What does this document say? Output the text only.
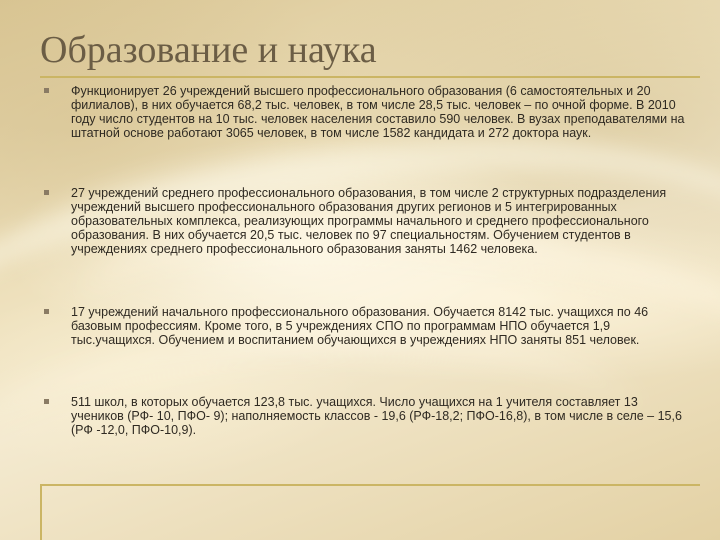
Образование и наука
Функционирует 26 учреждений высшего профессионального образования (6 самостоятельных и 20 филиалов), в них обучается 68,2 тыс. человек, в том числе 28,5 тыс. человек – по очной форме. В 2010 году число студентов на 10 тыс. человек населения составило 590 человек. В вузах преподавателями на штатной основе работают 3065 человек, в том числе 1582 кандидата и 272 доктора наук.
27 учреждений среднего профессионального образования, в том числе 2 структурных подразделения учреждений высшего профессионального образования других регионов и 5 интегрированных образовательных комплекса, реализующих программы начального и среднего профессионального образования. В них обучается 20,5 тыс. человек по 97 специальностям. Обучением студентов в учреждениях среднего профессионального образования заняты 1462 человека.
17 учреждений начального профессионального образования. Обучается 8142 тыс. учащихся по 46 базовым профессиям. Кроме того, в 5 учреждениях СПО по программам НПО обучается 1,9 тыс.учащихся. Обучением и воспитанием обучающихся в учреждениях НПО заняты 851 человек.
511 школ, в которых обучается 123,8 тыс. учащихся. Число учащихся на 1 учителя составляет 13 учеников (РФ- 10, ПФО- 9); наполняемость классов - 19,6 (РФ-18,2; ПФО-16,8), в том числе в селе – 15,6 (РФ -12,0, ПФО-10,9).
